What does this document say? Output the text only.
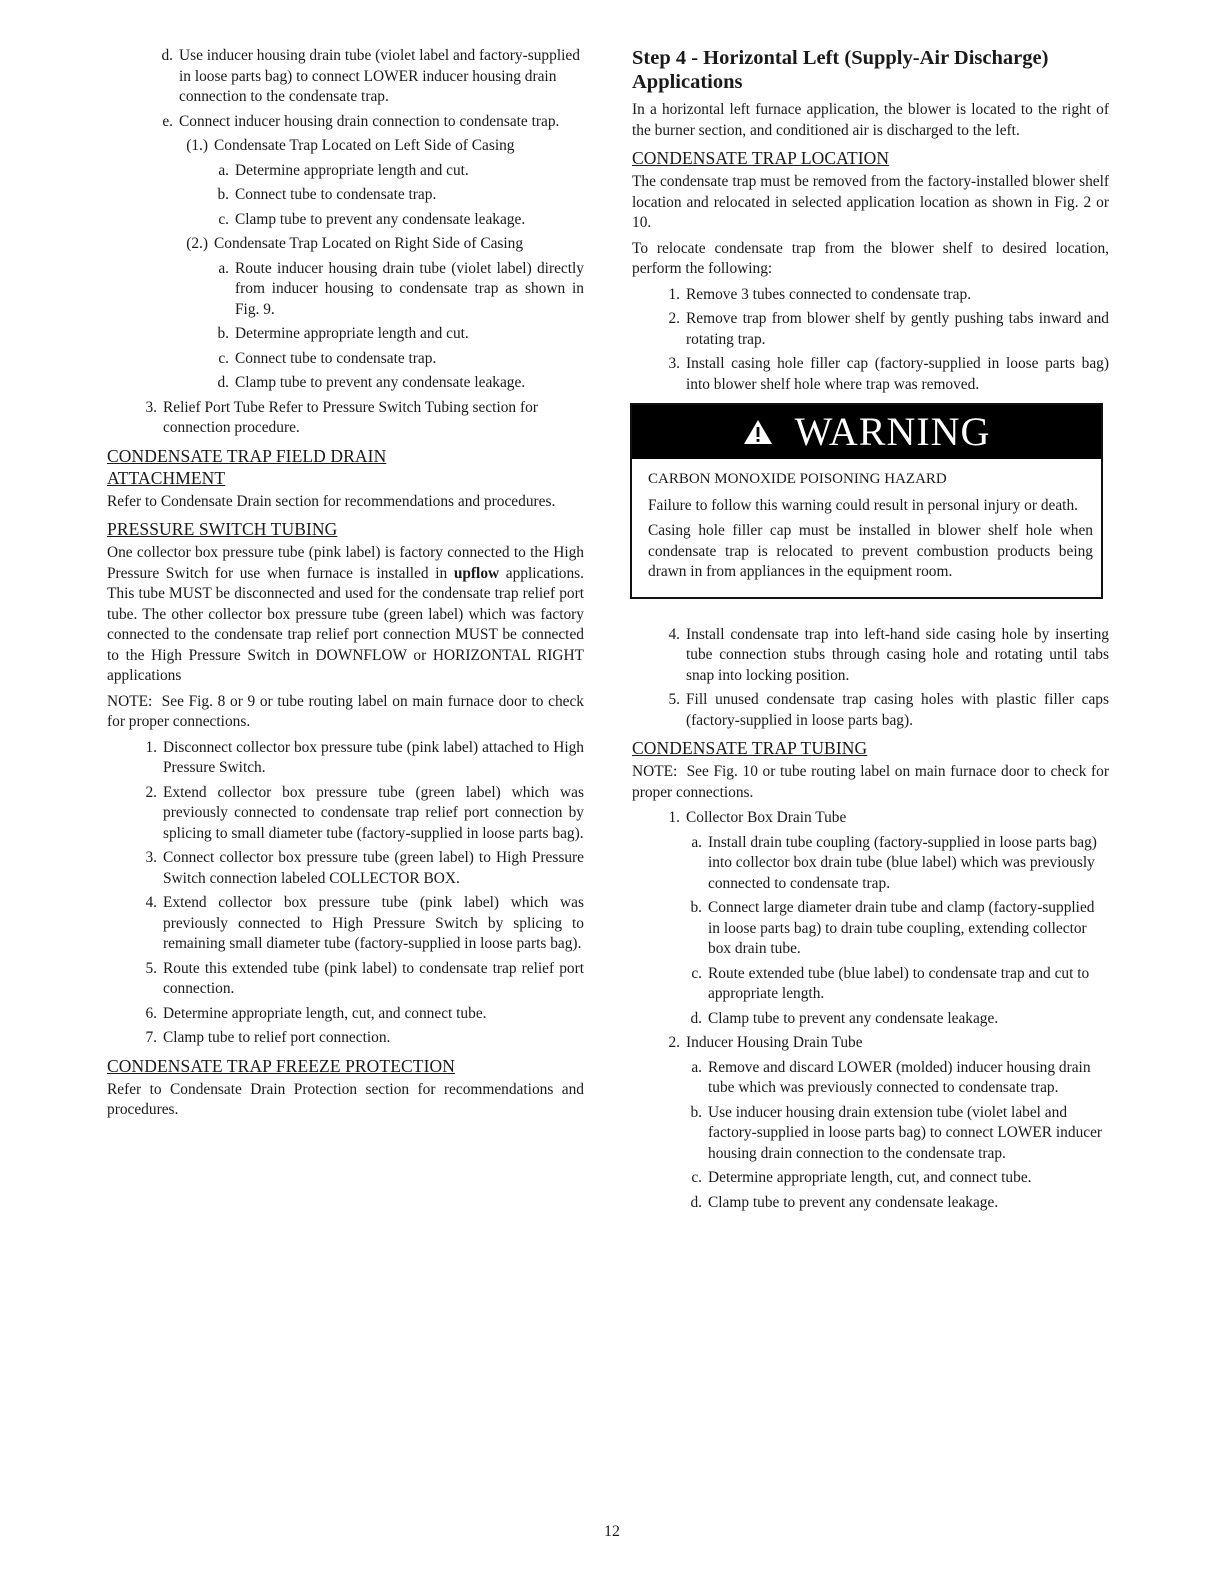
d. Use inducer housing drain tube (violet label and factory-supplied in loose parts bag) to connect LOWER inducer housing drain connection to the condensate trap.
e. Connect inducer housing drain connection to condensate trap.
(1.) Condensate Trap Located on Left Side of Casing
a. Determine appropriate length and cut.
b. Connect tube to condensate trap.
c. Clamp tube to prevent any condensate leakage.
(2.) Condensate Trap Located on Right Side of Casing
a. Route inducer housing drain tube (violet label) directly from inducer housing to condensate trap as shown in Fig. 9.
b. Determine appropriate length and cut.
c. Connect tube to condensate trap.
d. Clamp tube to prevent any condensate leakage.
3. Relief Port Tube Refer to Pressure Switch Tubing section for connection procedure.
CONDENSATE TRAP FIELD DRAIN
ATTACHMENT

Refer to Condensate Drain section for recommendations and procedures.

PRESSURE SWITCH TUBING

One collector box pressure tube (pink label) is factory connected to the High Pressure Switch for use when furnace is installed in upflow applications. This tube MUST be disconnected and used for the condensate trap relief port tube. The other collector box pressure tube (green label) which was factory connected to the condensate trap relief port connection MUST be connected to the High Pressure Switch in DOWNFLOW or HORIZONTAL RIGHT applications

NOTE: See Fig. 8 or 9 or tube routing label on main furnace door to check for proper connections.

1. Disconnect collector box pressure tube (pink label) attached to High Pressure Switch.
2. Extend collector box pressure tube (green label) which was previously connected to condensate trap relief port connection by splicing to small diameter tube (factory-supplied in loose parts bag).
3. Connect collector box pressure tube (green label) to High Pressure Switch connection labeled COLLECTOR BOX.
4. Extend collector box pressure tube (pink label) which was previously connected to High Pressure Switch by splicing to remaining small diameter tube (factory-supplied in loose parts bag).
5. Route this extended tube (pink label) to condensate trap relief port connection.
6. Determine appropriate length, cut, and connect tube.
7. Clamp tube to relief port connection.
CONDENSATE TRAP FREEZE PROTECTION

Refer to Condensate Drain Protection section for recommendations and procedures.

Step 4 - Horizontal Left (Supply-Air Discharge) Applications

In a horizontal left furnace application, the blower is located to the right of the burner section, and conditioned air is discharged to the left.

CONDENSATE TRAP LOCATION

The condensate trap must be removed from the factory-installed blower shelf location and relocated in selected application location as shown in Fig. 2 or 10.

To relocate condensate trap from the blower shelf to desired location, perform the following:

1. Remove 3 tubes connected to condensate trap.
2. Remove trap from blower shelf by gently pushing tabs inward and rotating trap.
3. Install casing hole filler cap (factory-supplied in loose parts bag) into blower shelf hole where trap was removed.
WARNING
CARBON MONOXIDE POISONING HAZARD

Failure to follow this warning could result in personal injury or death.

Casing hole filler cap must be installed in blower shelf hole when condensate trap is relocated to prevent combustion products being drawn in from appliances in the equipment room.

4. Install condensate trap into left-hand side casing hole by inserting tube connection stubs through casing hole and rotating until tabs snap into locking position.
5. Fill unused condensate trap casing holes with plastic filler caps (factory-supplied in loose parts bag).
CONDENSATE TRAP TUBING

NOTE: See Fig. 10 or tube routing label on main furnace door to check for proper connections.

1. Collector Box Drain Tube
a. Install drain tube coupling (factory-supplied in loose parts bag) into collector box drain tube (blue label) which was previously connected to condensate trap.
b. Connect large diameter drain tube and clamp (factory-supplied in loose parts bag) to drain tube coupling, extending collector box drain tube.
c. Route extended tube (blue label) to condensate trap and cut to appropriate length.
d. Clamp tube to prevent any condensate leakage.
2. Inducer Housing Drain Tube
a. Remove and discard LOWER (molded) inducer housing drain tube which was previously connected to condensate trap.
b. Use inducer housing drain extension tube (violet label and factory-supplied in loose parts bag) to connect LOWER inducer housing drain connection to the condensate trap.
c. Determine appropriate length, cut, and connect tube.
d. Clamp tube to prevent any condensate leakage.
12
